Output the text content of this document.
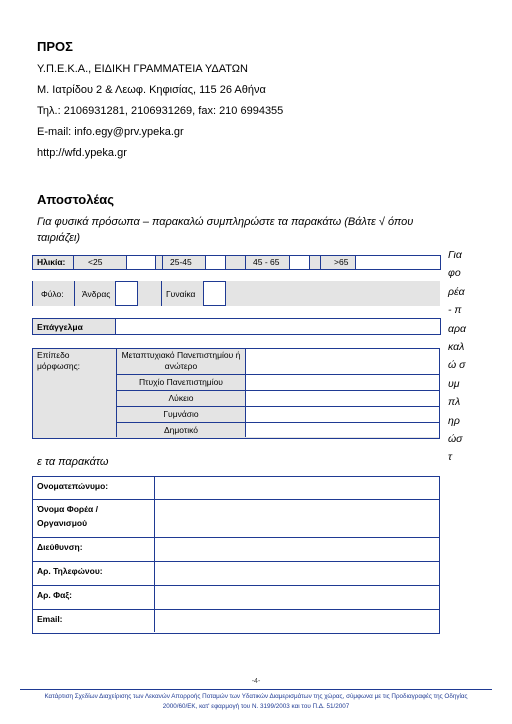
ΠΡΟΣ
Υ.Π.Ε.Κ.Α., ΕΙΔΙΚΗ ΓΡΑΜΜΑΤΕΙΑ ΥΔΑΤΩΝ
Μ. Ιατρίδου 2 & Λεωφ. Κηφισίας, 115 26 Αθήνα
Τηλ.: 2106931281, 2106931269, fax: 210 6994355
E-mail: info.egy@prv.ypeka.gr
http://wfd.ypeka.gr
Αποστολέας
Για φυσικά πρόσωπα – παρακαλώ συμπληρώστε τα παρακάτω (Βάλτε √ όπου ταιριάζει)
Ηλικία:	<25	25-45	45 - 65	>65
Φύλο: Άνδρας	Γυναίκα
Επάγγελμα
Επίπεδο μόρφωσης:
Μεταπτυχιακό Πανεπιστημίου ή ανώτερο
Πτυχίο Πανεπιστημίου
Λύκειο
Γυμνάσιο
Δημοτικό
Για φορέα - παρακαλώ συμπληρώστ
ε τα παρακάτω
Ονοματεπώνυμο:
Όνομα Φορέα / Οργανισμού
Διεύθυνση:
Αρ. Τηλεφώνου:
Αρ. Φαξ:
Email:
-4-
Κατάρτιση Σχεδίων Διαχείρισης των Λεκανών Απορροής Ποταμών των Υδατικών Διαμερισμάτων της χώρας, σύμφωνα με τις Προδιαγραφές της Οδηγίας
2000/60/ΕΚ, κατ' εφαρμογή του Ν. 3199/2003 και του Π.Δ. 51/2007
